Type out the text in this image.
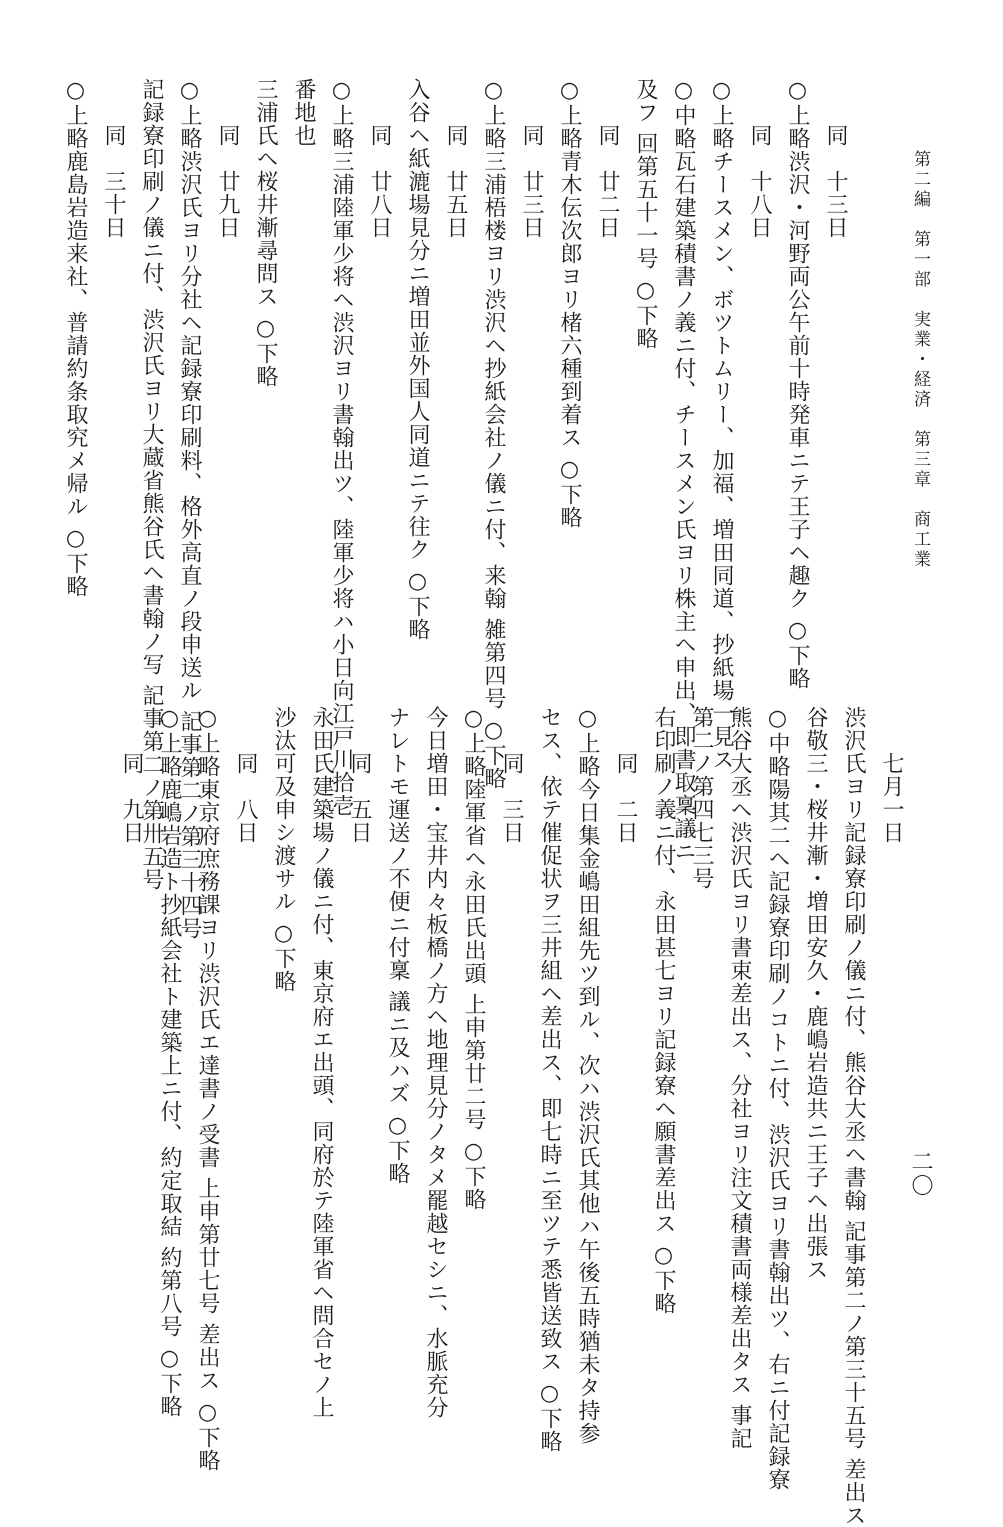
第二編　第一部　実業・経済　第三章　商工業
二〇
　　同　十三日
○上略渋沢・河野両公午前十時発車ニテ王子ヘ趣ク ○下略
　　同　十八日
○上略チースメン、ボツトムリー、加福、増田同道、抄紙場一見ス
○中略瓦石建築積書ノ義ニ付、チースメン氏ヨリ株主ヘ申出、即書取稟議ニ
及フ 回第五十一号 ○下略
　　同　廿二日
○上略青木伝次郎ヨリ楮六種到着ス ○下略
　　同　廿三日
○上略三浦梧楼ヨリ渋沢ヘ抄紙会社ノ儀ニ付、来翰 雑第四号 ○下略
　　同　廿五日
入谷ヘ紙漉場見分ニ増田並外国人同道ニテ往ク ○下略
　　同　廿八日
○上略三浦陸軍少将ヘ渋沢ヨリ書翰出ツ、陸軍少将ハ小日向江戸川拾壱
番地也
三浦氏ヘ桜井漸尋問ス ○下略
　　同　廿九日
○上略渋沢氏ヨリ分社ヘ記録寮印刷料、格外高直ノ段申送ル 記事第二ノ第三十四号
記録寮印刷ノ儀ニ付、渋沢氏ヨリ大蔵省熊谷氏ヘ書翰ノ写 記事第二ノ第卅五号
　　同　三十日
○上略鹿島岩造来社、普請約条取究メ帰ル ○下略
　　七月一日
渋沢氏ヨリ記録寮印刷ノ儀ニ付、熊谷大丞ヘ書翰 記事第二ノ第三十五号 差出ス
谷敬三・桜井漸・増田安久・鹿嶋岩造共ニ王子ヘ出張ス
○中略陽其二ヘ記録寮印刷ノコトニ付、渋沢氏ヨリ書翰出ツ、右ニ付記録寮
熊谷大丞ヘ渋沢氏ヨリ書束差出ス、分社ヨリ注文積書両様差出タス 事記
第二ノ第四七三号
右印刷ノ義ニ付、永田甚七ヨリ記録寮ヘ願書差出ス ○下略
　　同　二日
○上略今日集金嶋田組先ツ到ル、次ハ渋沢氏其他ハ午後五時猶未タ持参
セス、依テ催促状ヲ三井組ヘ差出ス、即七時ニ至ツテ悉皆送致ス ○下略
　　同　三日
○上略陸軍省ヘ永田氏出頭 上申第廿二号 ○下略
今日増田・宝井内々板橋ノ方ヘ地理見分ノタメ罷越セシニ、水脈充分
ナレトモ運送ノ不便ニ付稟 議ニ及ハズ ○下略
　　同　五日
永田氏建築場ノ儀ニ付、東京府エ出頭、同府於テ陸軍省ヘ問合セノ上
沙汰可及申シ渡サル ○下略
　　同　八日
○上略東京府庶務課ヨリ渋沢氏エ達書ノ受書 上申第廿七号 差出ス ○下略
○上略鹿嶋岩造ト抄紙会社ト建築上ニ付、約定取結 約第八号 ○下略
　　同　九日
